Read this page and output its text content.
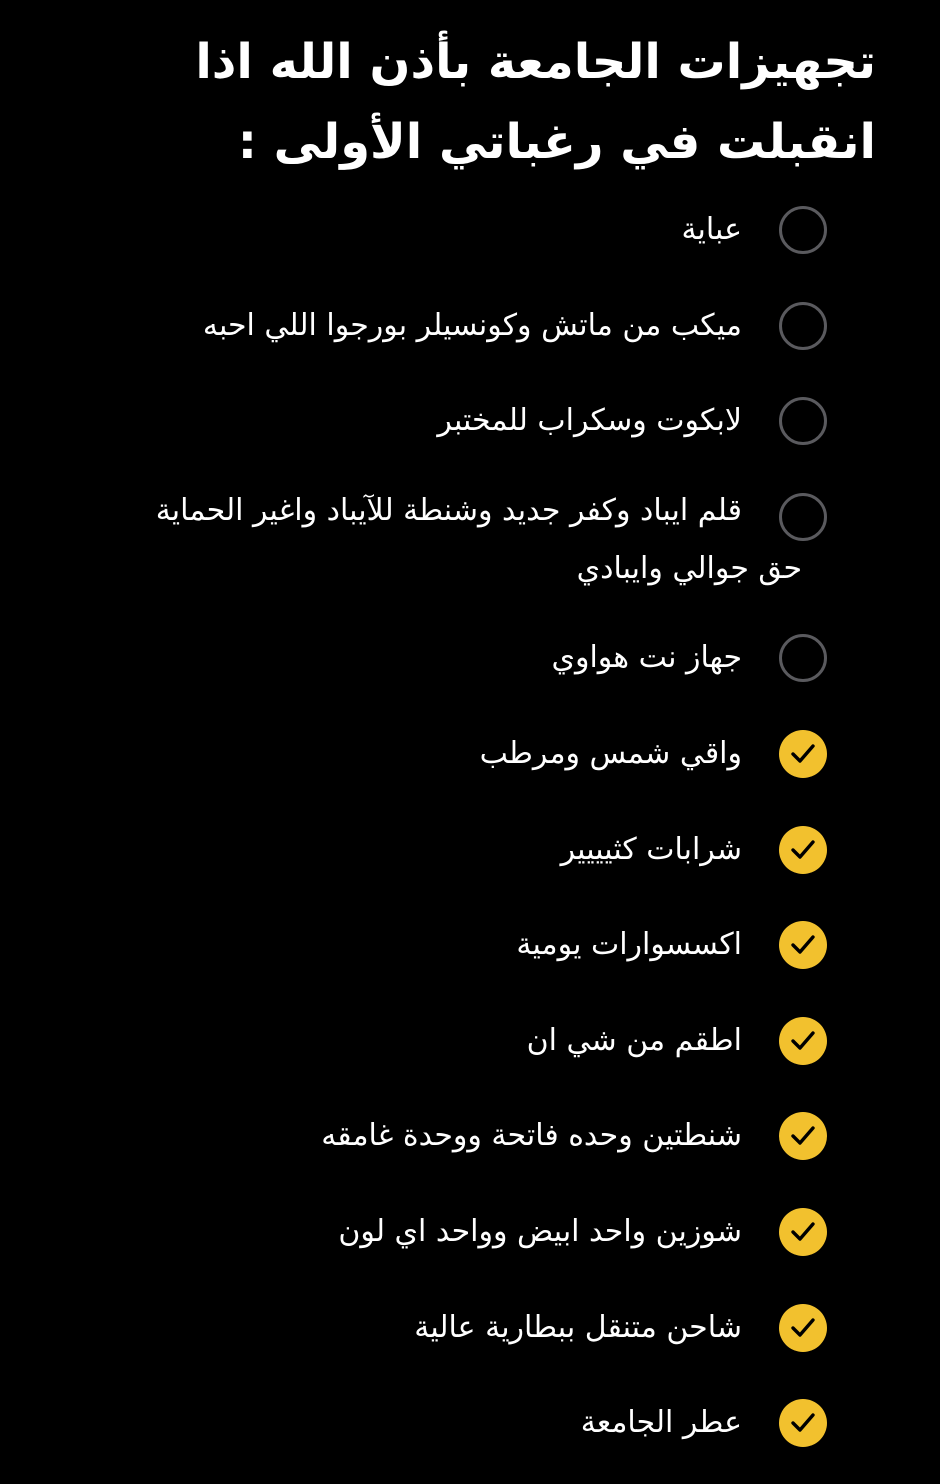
تجهيزات الجامعة بأذن الله اذا انقبلت في رغباتي الأولى :
عباية
ميكب من ماتش وكونسيلر بورجوا اللي احبه
لابكوت وسكراب للمختبر
قلم ايباد وكفر جديد وشنطة للآيباد واغير الحماية
حق جوالي وايبادي
جهاز نت هواوي
واقي شمس ومرطب
شرابات كثيييير
اكسسوارات يومية
اطقم من شي ان
شنطتين وحده فاتحة ووحدة غامقه
شوزين واحد ابيض وواحد اي لون
شاحن متنقل ببطارية عالية
عطر الجامعة
